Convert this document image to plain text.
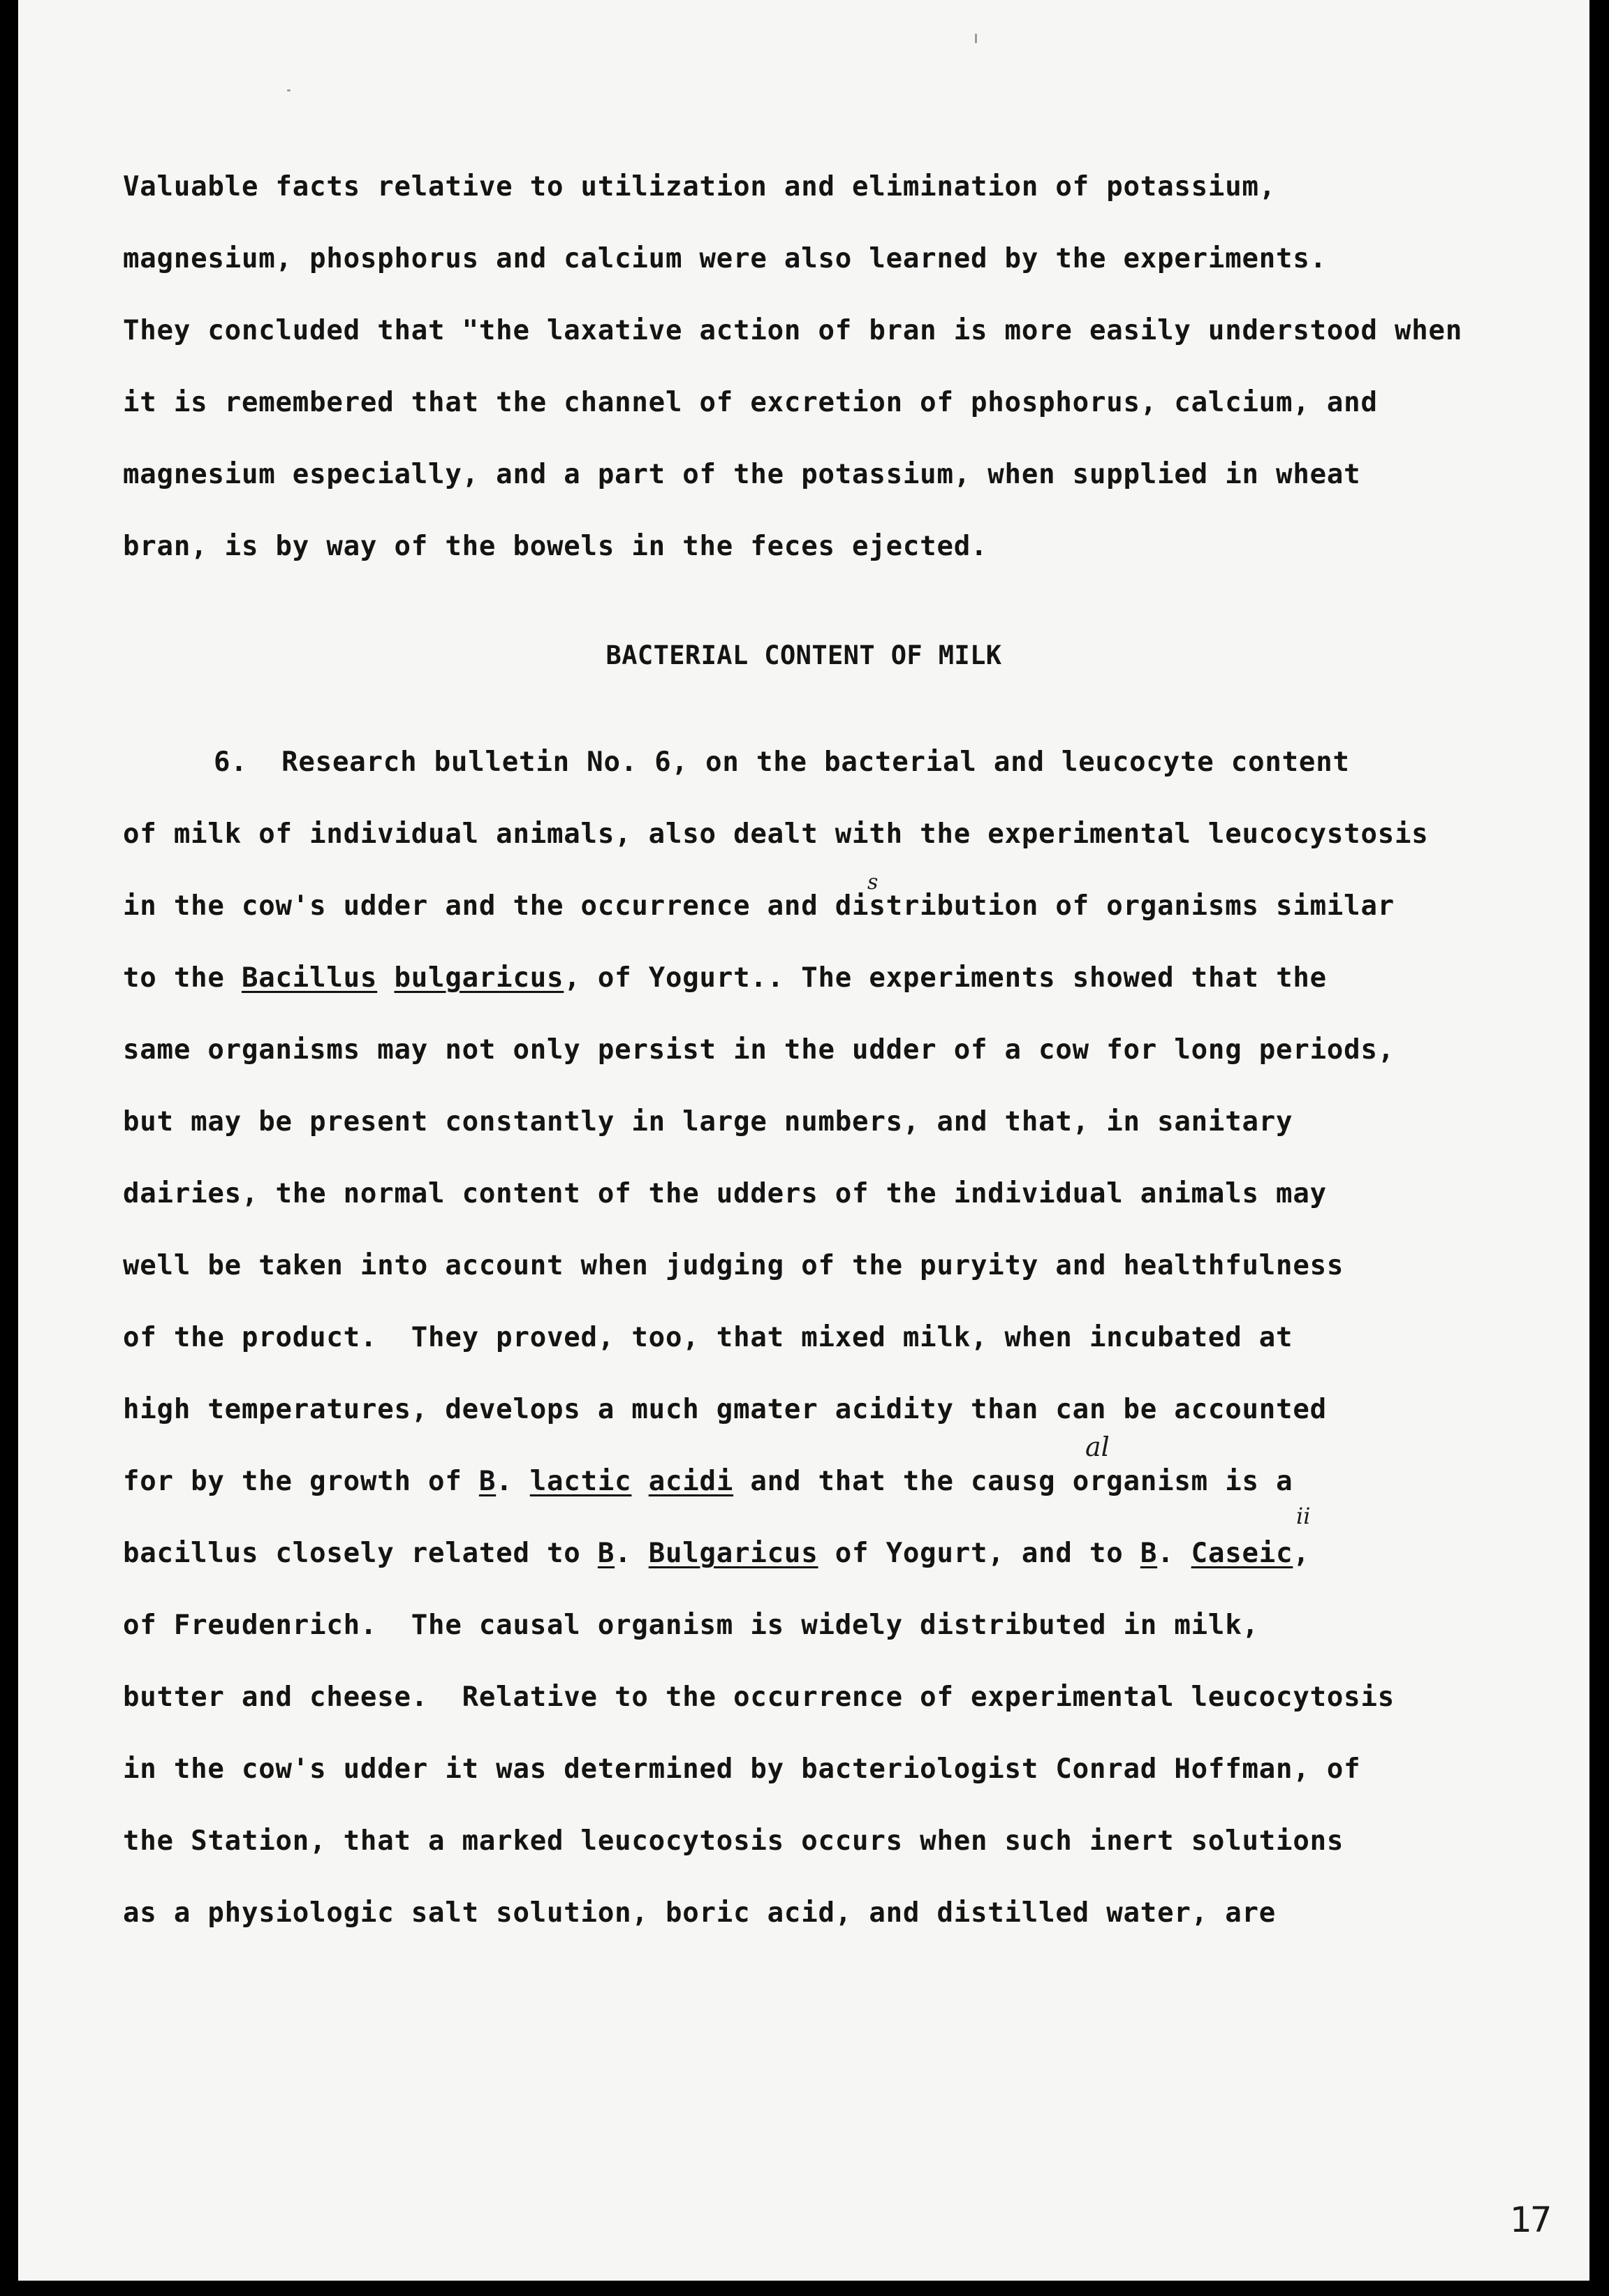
Valuable facts relative to utilization and elimination of potassium,
magnesium, phosphorus and calcium were also learned by the experiments.
They concluded that "the laxative action of bran is more easily understood when
it is remembered that the channel of excretion of phosphorus, calcium, and
magnesium especially, and a part of the potassium, when supplied in wheat
bran, is by way of the bowels in the feces ejected.
BACTERIAL CONTENT OF MILK
6.  Research bulletin No. 6, on the bacterial and leucocyte content
of milk of individual animals, also dealt with the experimental leucocystosis
in the cow's udder and the occurrence and distribution of organisms similar
to the Bacillus bulgaricus, of Yogurt.. The experiments showed that the
same organisms may not only persist in the udder of a cow for long periods,
but may be present constantly in large numbers, and that, in sanitary
dairies, the normal content of the udders of the individual animals may
well be taken into account when judging of the puryity and healthfulness
of the product.  They proved, too, that mixed milk, when incubated at
high temperatures, develops a much gmater acidity than can be accounted
for by the growth of B. lactic acidi and that the causg organism is a
bacillus closely related to B. Bulgaricus of Yogurt, and to B. Caseic,
of Freudenrich.  The causal organism is widely distributed in milk,
butter and cheese.  Relative to the occurrence of experimental leucocytosis
in the cow's udder it was determined by bacteriologist Conrad Hoffman, of
the Station, that a marked leucocytosis occurs when such inert solutions
as a physiologic salt solution, boric acid, and distilled water, are
s
al
ii
17
